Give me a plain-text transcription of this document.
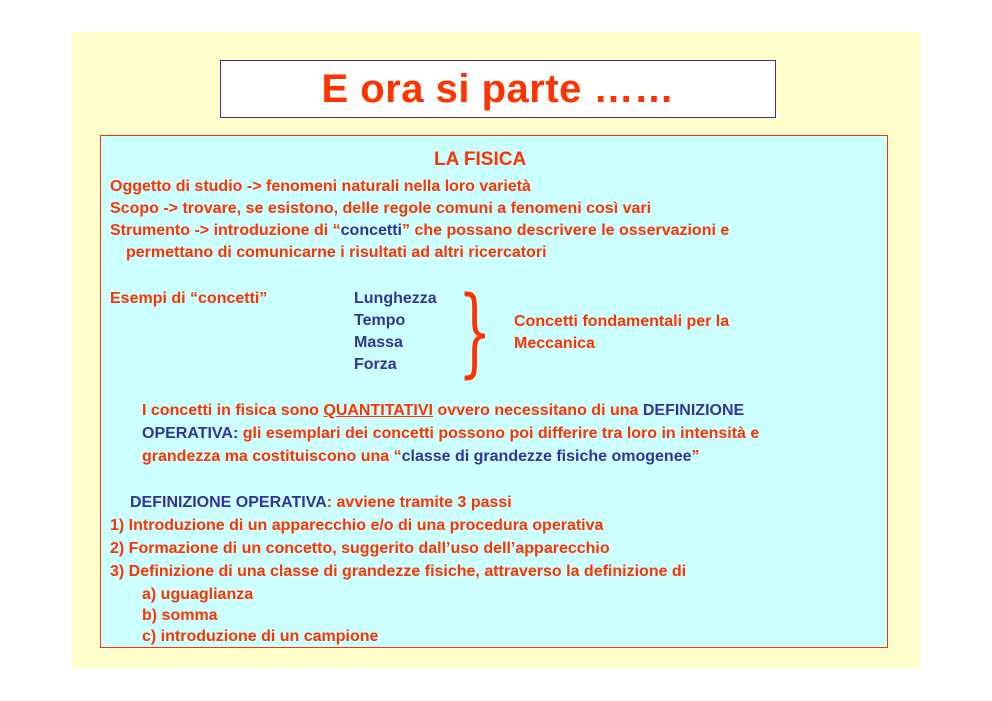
E ora si parte ……
LA FISICA
Oggetto di studio -> fenomeni naturali nella loro varietà
Scopo -> trovare, se esistono, delle regole comuni a fenomeni così vari
Strumento -> introduzione di “concetti” che possano descrivere le osservazioni e
permettano di comunicarne i risultati ad altri ricercatori
Esempi di “concetti”	Lunghezza
Tempo
Massa
Forza } Concetti fondamentali per la
Meccanica
I concetti in fisica sono QUANTITATIVI ovvero necessitano di una DEFINIZIONE
OPERATIVA: gli esemplari dei concetti possono poi differire tra loro in intensità e
grandezza ma costituiscono una “classe di grandezze fisiche omogenee”
DEFINIZIONE OPERATIVA: avviene tramite 3 passi
1) Introduzione di un apparecchio e/o di una procedura operativa
2) Formazione di un concetto, suggerito dall’uso dell’apparecchio
3) Definizione di una classe di grandezze fisiche, attraverso la definizione di
a) uguaglianza
b) somma
c) introduzione di un campione
